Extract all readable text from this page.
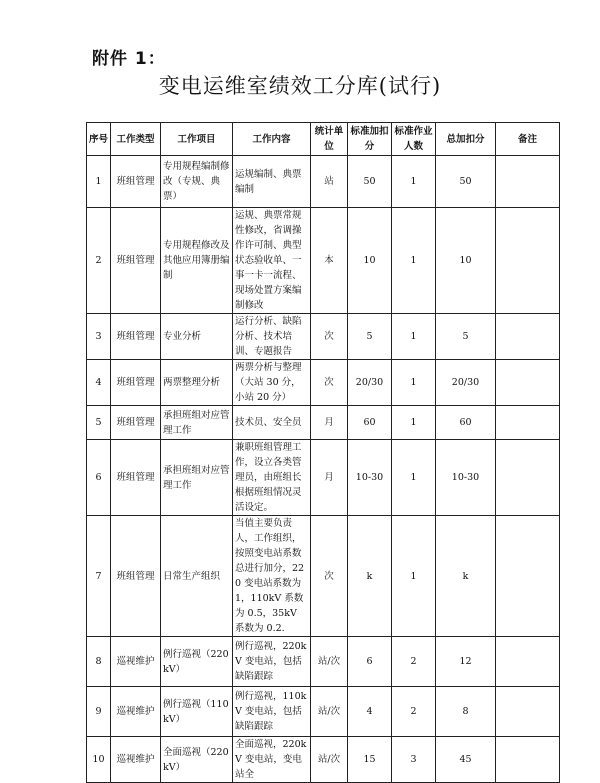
附件 1：
变电运维室绩效工分库(试行)
序号	工作类型	工作项目	工作内容	统计单位	标准加扣分	标准作业人数	总加扣分	备注
1	班组管理	专用规程编制修改（专规、典票）	运规编制、典票编制	站	50	1	50	
2	班组管理	专用规程修改及其他应用簿册编制	运规、典票常规性修改，省调操作许可制、典型状态验收单、一事一卡一流程、现场处置方案编制修改	本	10	1	10	
3	班组管理	专业分析	运行分析、缺陷分析、技术培训、专题报告	次	5	1	5	
4	班组管理	两票整理分析	两票分析与整理（大站 30 分，小站 20 分）	次	20/30	1	20/30	
5	班组管理	承担班组对应管理工作	技术员、安全员	月	60	1	60	
6	班组管理	承担班组对应管理工作	兼职班组管理工作，设立各类管理员，由班组长根据班组情况灵活设定。	月	10-30	1	10-30	
7	班组管理	日常生产组织	当值主要负责人，工作组织，按照变电站系数总进行加分，220 变电站系数为 1，110kV 系数为 0.5，35kV 系数为 0.2.	次	k	1	k	
8	巡视维护	例行巡视（220kV）	例行巡视，220kV 变电站，包括缺陷跟踪	站/次	6	2	12	
9	巡视维护	例行巡视（110kV）	例行巡视，110kV 变电站，包括缺陷跟踪	站/次	4	2	8	
10	巡视维护	全面巡视（220kV）	全面巡视，220kV 变电站，变电站全	站/次	15	3	45	
